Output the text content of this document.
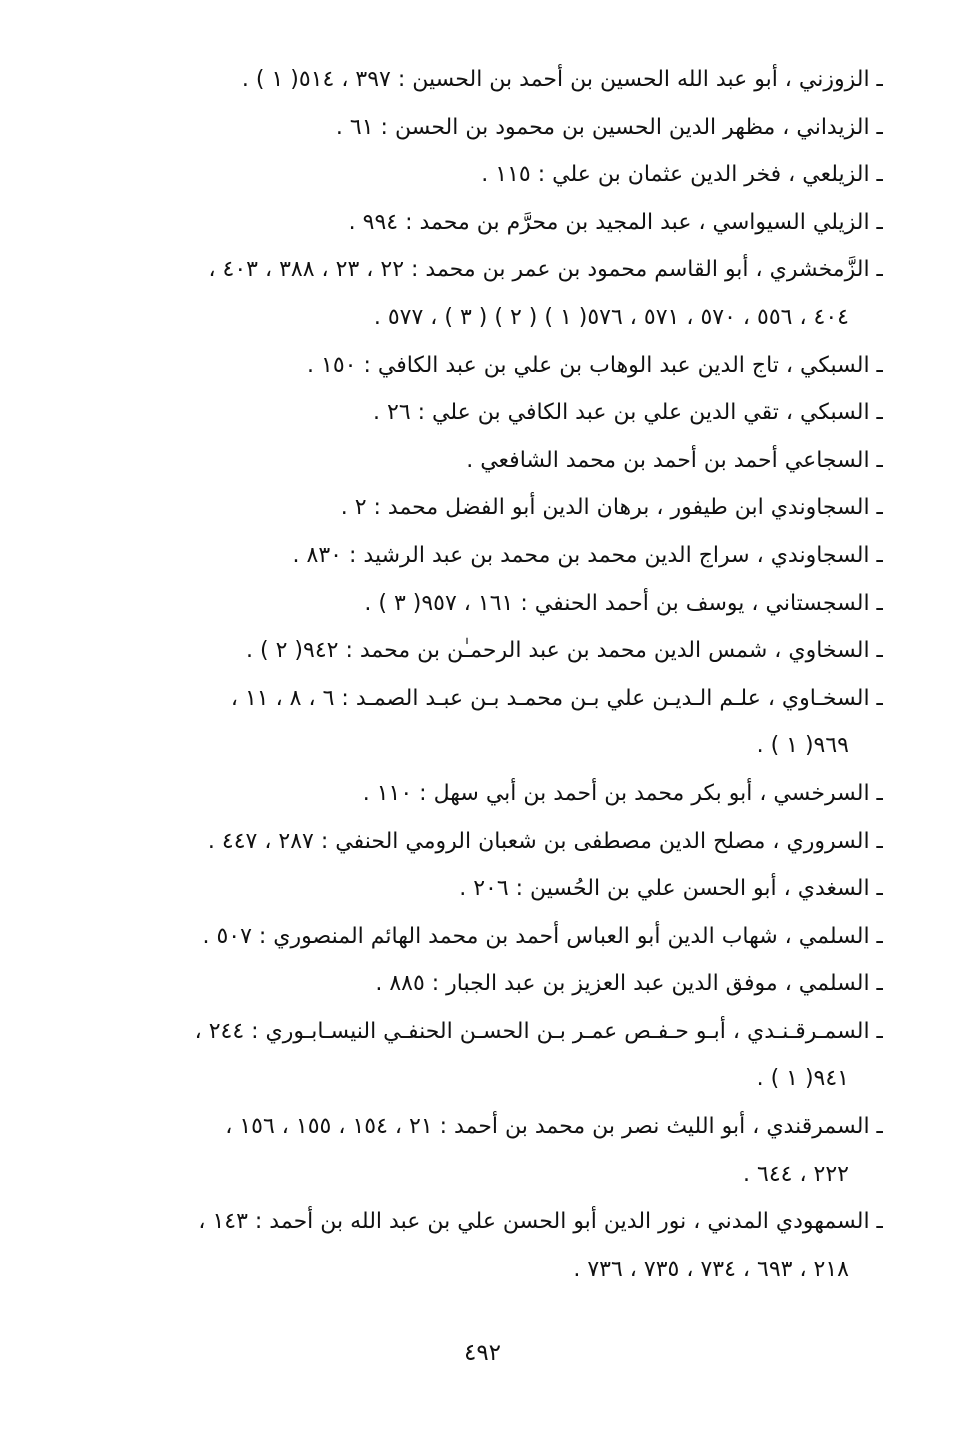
ـ الزوزني ، أبو عبد الله الحسين بن أحمد بن الحسين : ٣٩٧ ، ٥١٤( ١ ) .
ـ الزيداني ، مظهر الدين الحسين بن محمود بن الحسن : ٦١ .
ـ الزيلعي ، فخر الدين عثمان بن علي : ١١٥ .
ـ الزيلي السيواسي ، عبد المجيد بن محرَّم بن محمد : ٩٩٤ .
ـ الزَّمخشري ، أبو القاسم محمود بن عمر بن محمد : ٢٢ ، ٢٣ ، ٣٨٨ ، ٤٠٣ ،
٤٠٤ ، ٥٥٦ ، ٥٧٠ ، ٥٧١ ، ٥٧٦( ١ ) ( ٢ ) ( ٣ ) ، ٥٧٧ .
ـ السبكي ، تاج الدين عبد الوهاب بن علي بن عبد الكافي : ١٥٠ .
ـ السبكي ، تقي الدين علي بن عبد الكافي بن علي : ٢٦ .
ـ السجاعي أحمد بن أحمد بن محمد الشافعي .
ـ السجاوندي ابن طيفور ، برهان الدين أبو الفضل محمد : ٢ .
ـ السجاوندي ، سراج الدين محمد بن محمد بن عبد الرشيد : ٨٣٠ .
ـ السجستاني ، يوسف بن أحمد الحنفي : ١٦١ ، ٩٥٧( ٣ ) .
ـ السخاوي ، شمس الدين محمد بن عبد الرحمـٰن بن محمد : ٩٤٢( ٢ ) .
ـ السخـاوي ، علـم الـديـن علي بـن محمـد بـن عبـد الصمـد : ٦ ، ٨ ، ١١ ،
٩٦٩( ١ ) .
ـ السرخسي ، أبو بكر محمد بن أحمد بن أبي سهل : ١١٠ .
ـ السروري ، مصلح الدين مصطفى بن شعبان الرومي الحنفي : ٢٨٧ ، ٤٤٧ .
ـ السغدي ، أبو الحسن علي بن الحُسين : ٢٠٦ .
ـ السلمي ، شهاب الدين أبو العباس أحمد بن محمد الهائم المنصوري : ٥٠٧ .
ـ السلمي ، موفق الدين عبد العزيز بن عبد الجبار : ٨٨٥ .
ـ السمـرقـنـدي ، أبـو حـفـص عمـر بـن الحسـن الحنفـي النيسـابـوري : ٢٤٤ ،
٩٤١( ١ ) .
ـ السمرقندي ، أبو الليث نصر بن محمد بن أحمد : ٢١ ، ١٥٤ ، ١٥٥ ، ١٥٦ ،
٢٢٢ ، ٦٤٤ .
ـ السمهودي المدني ، نور الدين أبو الحسن علي بن عبد الله بن أحمد : ١٤٣ ،
٢١٨ ، ٦٩٣ ، ٧٣٤ ، ٧٣٥ ، ٧٣٦ .
٤٩٢
